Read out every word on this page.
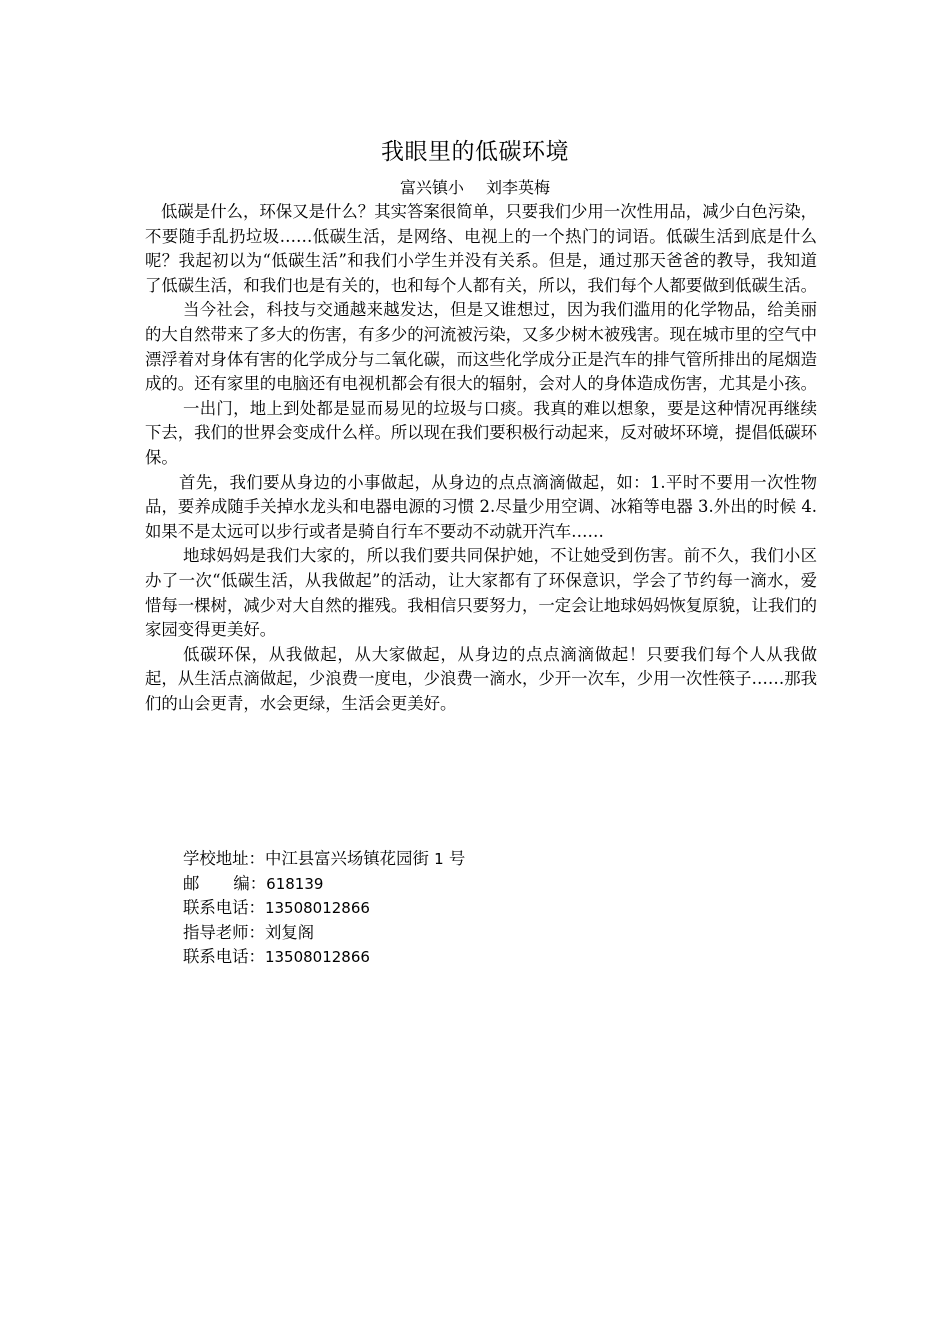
我眼里的低碳环境
富兴镇小 刘李英梅

低碳是什么，环保又是什么？其实答案很简单，只要我们少用一次性用品，减少白色污染，不要随手乱扔垃圾……低碳生活，是网络、电视上的一个热门的词语。低碳生活到底是什么呢？我起初以为“低碳生活”和我们小学生并没有关系。但是，通过那天爸爸的教导，我知道了低碳生活，和我们也是有关的，也和每个人都有关，所以，我们每个人都要做到低碳生活。

当今社会，科技与交通越来越发达，但是又谁想过，因为我们滥用的化学物品，给美丽的大自然带来了多大的伤害，有多少的河流被污染，又多少树木被残害。现在城市里的空气中漂浮着对身体有害的化学成分与二氧化碳，而这些化学成分正是汽车的排气管所排出的尾烟造成的。还有家里的电脑还有电视机都会有很大的辐射，会对人的身体造成伤害，尤其是小孩。

一出门，地上到处都是显而易见的垃圾与口痰。我真的难以想象，要是这种情况再继续下去，我们的世界会变成什么样。所以现在我们要积极行动起来，反对破坏环境，提倡低碳环保。

首先，我们要从身边的小事做起，从身边的点点滴滴做起，如：1.平时不要用一次性物品，要养成随手关掉水龙头和电器电源的习惯 2.尽量少用空调、冰箱等电器 3.外出的时候 4.如果不是太远可以步行或者是骑自行车不要动不动就开汽车……

地球妈妈是我们大家的，所以我们要共同保护她，不让她受到伤害。前不久，我们小区办了一次“低碳生活，从我做起”的活动，让大家都有了环保意识，学会了节约每一滴水，爱惜每一棵树，减少对大自然的摧残。我相信只要努力，一定会让地球妈妈恢复原貌，让我们的家园变得更美好。

低碳环保，从我做起，从大家做起，从身边的点点滴滴做起！只要我们每个人从我做起，从生活点滴做起，少浪费一度电，少浪费一滴水，少开一次车，少用一次性筷子……那我们的山会更青，水会更绿，生活会更美好。

学校地址：中江县富兴场镇花园街 1 号
邮 编：618139
联系电话：13508012866
指导老师：刘复阁
联系电话：13508012866
